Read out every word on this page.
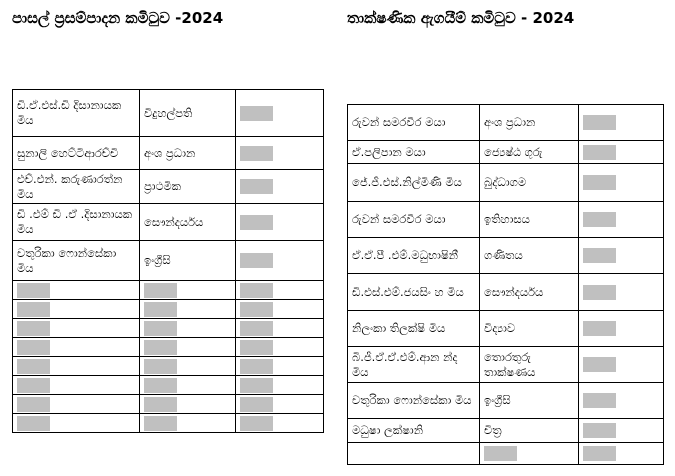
පාසල් ප්‍රසම්පාදන කමිටුව -2024	තාක්ෂණික ඇගයීම් කමිටුව - 2024
ඩි.ඒ.එස්.ඩි දිසානායක මිය	විදුහල්පති	

සුනාලි හෙට්ටිආරච්චි	අංශ ප්‍රධාන	

එච්.එන්. කරුණාරත්න මිය	ප්‍රාථමික	

ඩි .එම් ඩි .ඒ .දිසානායක මිය	සෞන්දර්යය	

චතුරිකා ෆොන්සේකා මිය	ඉංග්‍රීසි	

රුවන් සමරවීර මයා	අංශ ප්‍රධාන	

ඒ.පලිපාන මයා	ජ්‍යෙෂ්ඨ ගුරු	

ජේ.ජී.එස්.නිල්මිණි මිය	බුද්ධාගම	

රුවන් සමරවීර මයා	ඉතිහාසය	

ඒ.ඒ.පී .එම්.මධුභාෂිනී	ගණිතය	

ඩි.එස්.එම්.ජයසිං හ මිය	සෞන්දර්යය	

නිලංකා තිලක්ෂි මිය	විද්‍යාව	

බි.ජී.ඒ.ඒ.එම්.ආන න්ද මිය	තොරතුරු තාක්ෂණය	

චතුරිකා ෆොන්සේකා මිය	ඉංග්‍රීසි	

මධුෂා ලක්ෂානි	චිත්‍ර	
